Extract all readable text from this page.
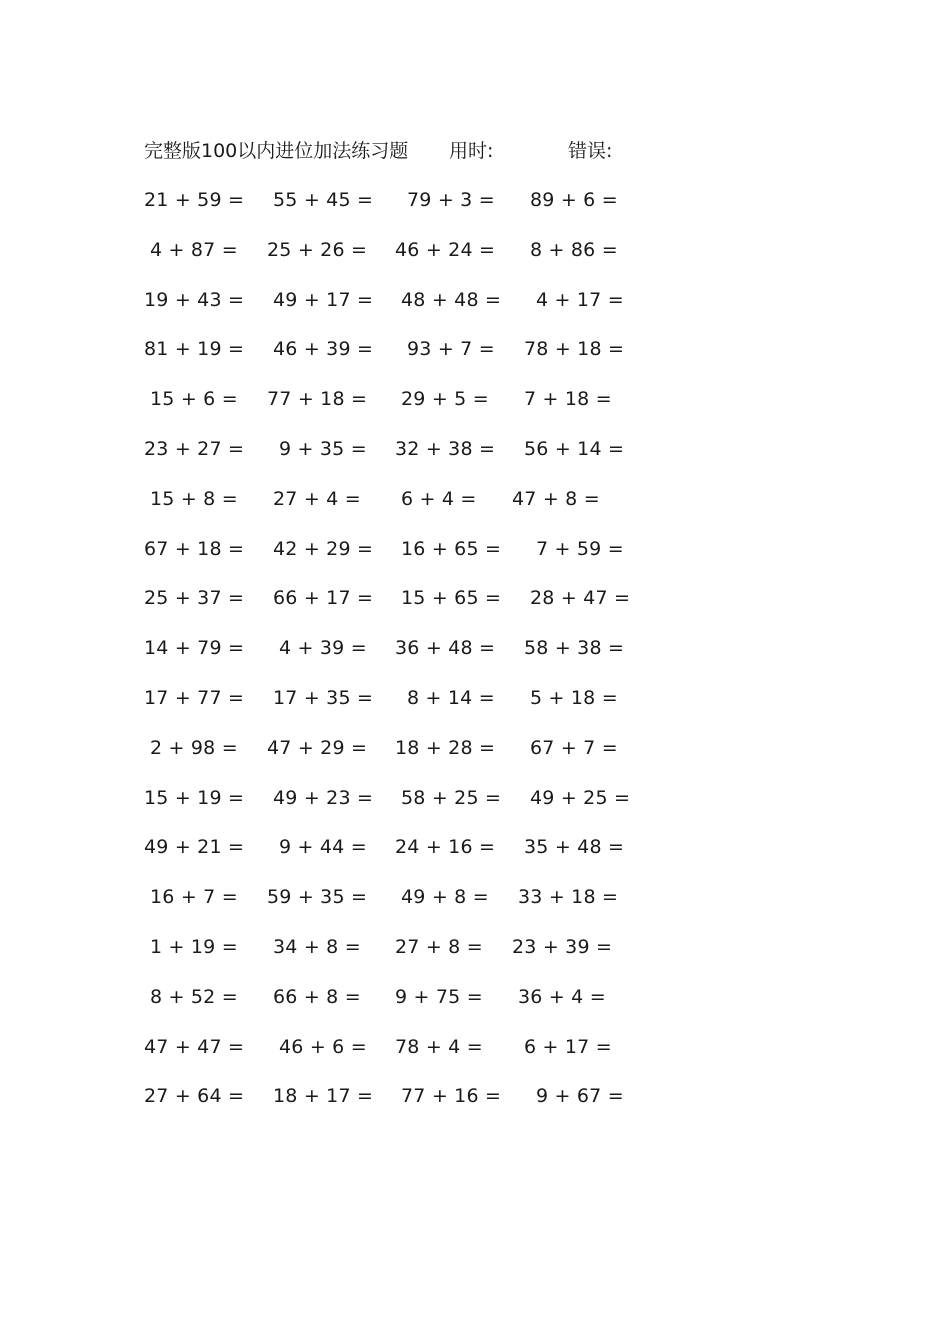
完整版100以内进位加法练习题 用时:	错误:
21 + 59 = 55 + 45 = 79 + 3 = 89 + 6 =
4 + 87 = 25 + 26 = 46 + 24 = 8 + 86 =
19 + 43 = 49 + 17 = 48 + 48 = 4 + 17 =
81 + 19 = 46 + 39 = 93 + 7 = 78 + 18 =
15 + 6 = 77 + 18 = 29 + 5 = 7 + 18 =
23 + 27 = 9 + 35 = 32 + 38 = 56 + 14 =
15 + 8 = 27 + 4 = 6 + 4 = 47 + 8 =
67 + 18 = 42 + 29 = 16 + 65 = 7 + 59 =
25 + 37 = 66 + 17 = 15 + 65 = 28 + 47 =
14 + 79 = 4 + 39 = 36 + 48 = 58 + 38 =
17 + 77 = 17 + 35 = 8 + 14 = 5 + 18 =
2 + 98 = 47 + 29 = 18 + 28 = 67 + 7 =
15 + 19 = 49 + 23 = 58 + 25 = 49 + 25 =
49 + 21 = 9 + 44 = 24 + 16 = 35 + 48 =
16 + 7 = 59 + 35 = 49 + 8 = 33 + 18 =
1 + 19 = 34 + 8 = 27 + 8 = 23 + 39 =
8 + 52 = 66 + 8 = 9 + 75 = 36 + 4 =
47 + 47 = 46 + 6 = 78 + 4 = 6 + 17 =
27 + 64 = 18 + 17 = 77 + 16 = 9 + 67 =
